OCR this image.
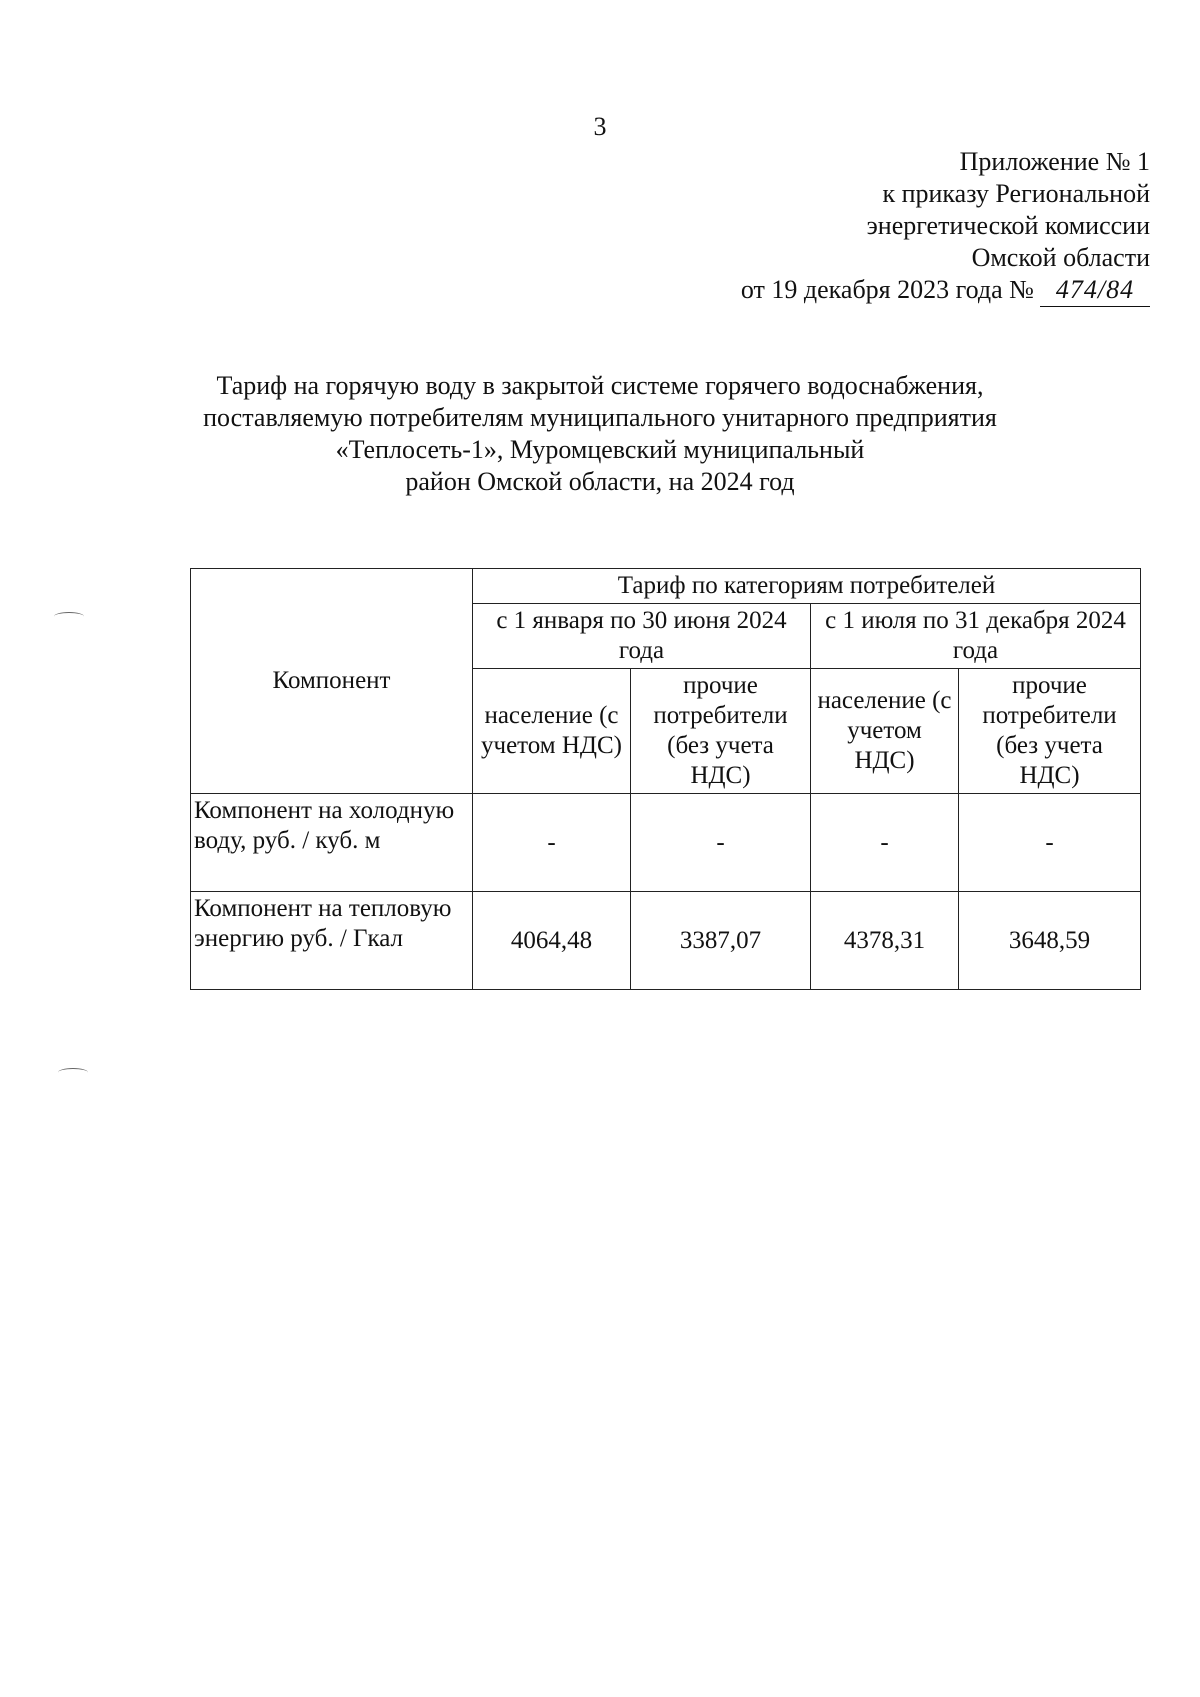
3
Приложение № 1
к приказу Региональной
энергетической комиссии
Омской области
от 19 декабря 2023 года № 474/84
Тариф на горячую воду в закрытой системе горячего водоснабжения,
поставляемую потребителям муниципального унитарного предприятия
«Теплосеть-1», Муромцевский муниципальный
район Омской области, на 2024 год
Компонент	Тариф по категориям потребителей			
	с 1 января по 30 июня 2024 года		с 1 июля по 31 декабря 2024 года	
	население (с учетом НДС)	прочие потребители (без учета НДС)	население (с учетом НДС)	прочие потребители (без учета НДС)
Компонент на холодную воду, руб. / куб. м	-	-	-	-
Компонент на тепловую энергию руб. / Гкал	4064,48	3387,07	4378,31	3648,59
